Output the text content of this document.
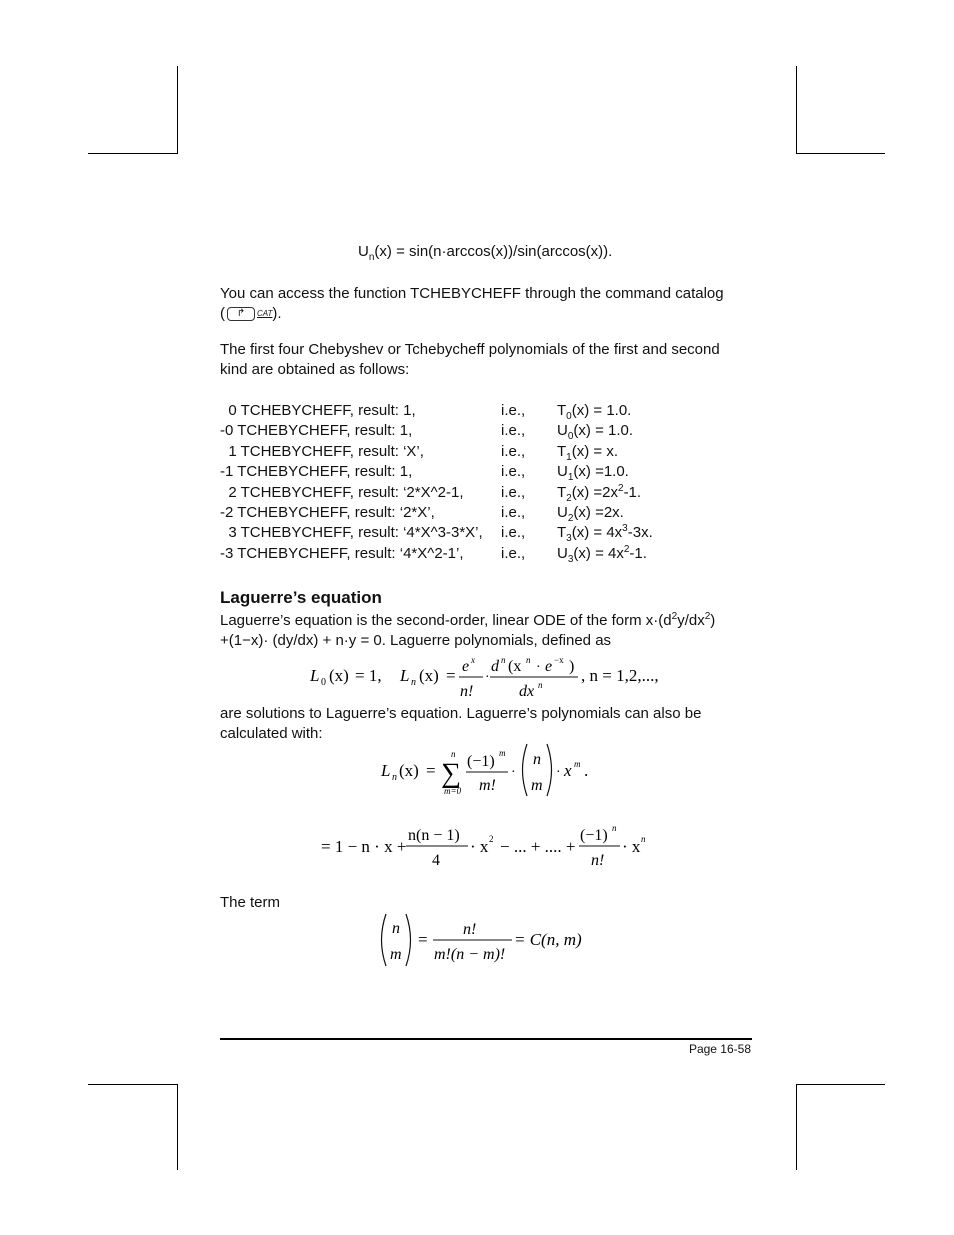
$U_n(x) = \sin(n\cdot\arccos(x))/\sin(\arccos(x))$.
You can access the function TCHEBYCHEFF through the command catalog
( ↱ CAT).
The first four Chebyshev or Tchebycheff polynomials of the first and second
kind are obtained as follows:
0 TCHEBYCHEFF, result: 1,	i.e., $T_0(x) = 1.0$.
-0 TCHEBYCHEFF, result: 1,	i.e., $U_0(x) = 1.0$.
1 TCHEBYCHEFF, result: ‘X’,	i.e., $T_1(x) = x$.
-1 TCHEBYCHEFF, result: 1,	i.e., $U_1(x) =1.0$.
2 TCHEBYCHEFF, result: ‘2*X^2-1, i.e., $T_2(x) =2x^2-1$.
-2 TCHEBYCHEFF, result: ‘2*X’,	i.e., $U_2(x) =2x$.
3 TCHEBYCHEFF, result: ‘4*X^3-3*X’, i.e., $T_3(x) = 4x^3-3x$.
-3 TCHEBYCHEFF, result: ‘4*X^2-1’,	i.e., $U_3(x) = 4x^2-1$.
Laguerre’s equation
Laguerre’s equation is the second-order, linear ODE of the form $x\cdot(d^2y/dx^2)$
+(1−x)· (dy/dx) + n·y = 0. Laguerre polynomials, defined as
L 0 (x) = 1, L n (x) = e x
n!
·
d n (x n · e −x )
dx n , n = 1,2,...,
are solutions to Laguerre’s equation. Laguerre’s polynomials can also be
calculated with:
L n (x) = ∑
n
m=0
(−1) m
m!
·
n
m
· x m .
= 1 − n · x +
n(n − 1)
4
· x 2 − ... + .... +
(−1) n
n!
· x n
The term
n
m
=
n!
m!(n − m)!
= C(n, m)
Page 16-58
